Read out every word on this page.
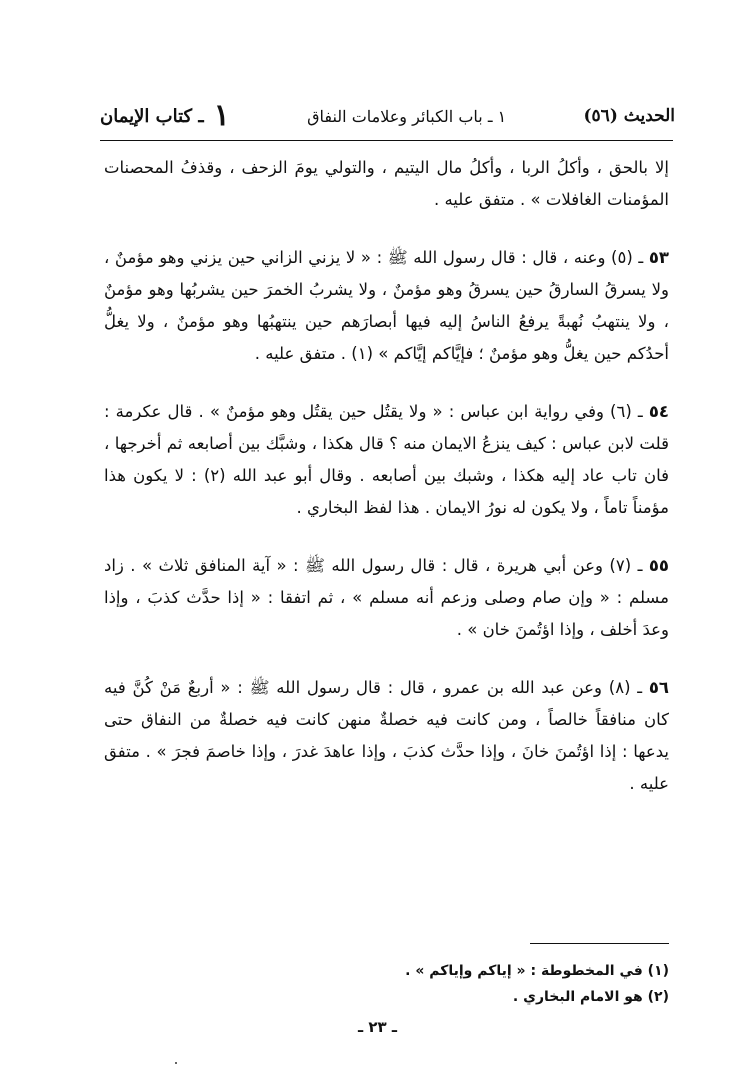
١
ـ كتاب الإيمان	١ ـ باب الكبائر وعلامات النفاق	الحديث (٥٦)

إلا بالحق ، وأكلُ الربا ، وأكلُ مال اليتيم ، والتولي يومَ الزحف ، وقذفُ المحصنات المؤمنات الغافلات » . متفق عليه .

٥٣ ـ (٥) وعنه ، قال : قال رسول الله ﷺ : « لا يزني الزاني حين يزني وهو مؤمنٌ ، ولا يسرقُ السارقُ حين يسرقُ وهو مؤمنٌ ، ولا يشربُ الخمرَ حين يشربُها وهو مؤمنٌ ، ولا ينتهبُ نُهبةً يرفعُ الناسُ إليه فيها أبصارَهم حين ينتهبُها وهو مؤمنٌ ، ولا يغلُّ أحدُكم حين يغلُّ وهو مؤمنٌ ؛ فإيَّاكم إيَّاكم » (١) . متفق عليه .

٥٤ ـ (٦) وفي رواية ابن عباس : « ولا يقتُل حين يقتُل وهو مؤمنٌ » . قال عكرمة : قلت لابن عباس : كيف ينزعُ الايمان منه ؟ قال هكذا ، وشبَّك بين أصابعه ثم أخرجها ، فان تاب عاد إليه هكذا ، وشبك بين أصابعه . وقال أبو عبد الله (٢) : لا يكون هذا مؤمناً تاماً ، ولا يكون له نورُ الايمان . هذا لفظ البخاري .

٥٥ ـ (٧) وعن أبي هريرة ، قال : قال رسول الله ﷺ : « آية المنافق ثلاث » . زاد مسلم : « وإن صام وصلى وزعم أنه مسلم » ، ثم اتفقا : « إذا حدَّث كذبَ ، وإذا وعدَ أخلف ، وإذا اؤتُمنَ خان » .

٥٦ ـ (٨) وعن عبد الله بن عمرو ، قال : قال رسول الله ﷺ : « أربعٌ مَنْ كُنَّ فيه كان منافقاً خالصاً ، ومن كانت فيه خصلةٌ منهن كانت فيه خصلةٌ من النفاق حتى يدعها : إذا اؤتُمنَ خانَ ، وإذا حدَّث كذبَ ، وإذا عاهدَ غدرَ ، وإذا خاصمَ فجرَ » . متفق عليه .

(١) في المخطوطة : « إياكم وإياكم » .

(٢) هو الامام البخاري .

ـ ٢٣ ـ
